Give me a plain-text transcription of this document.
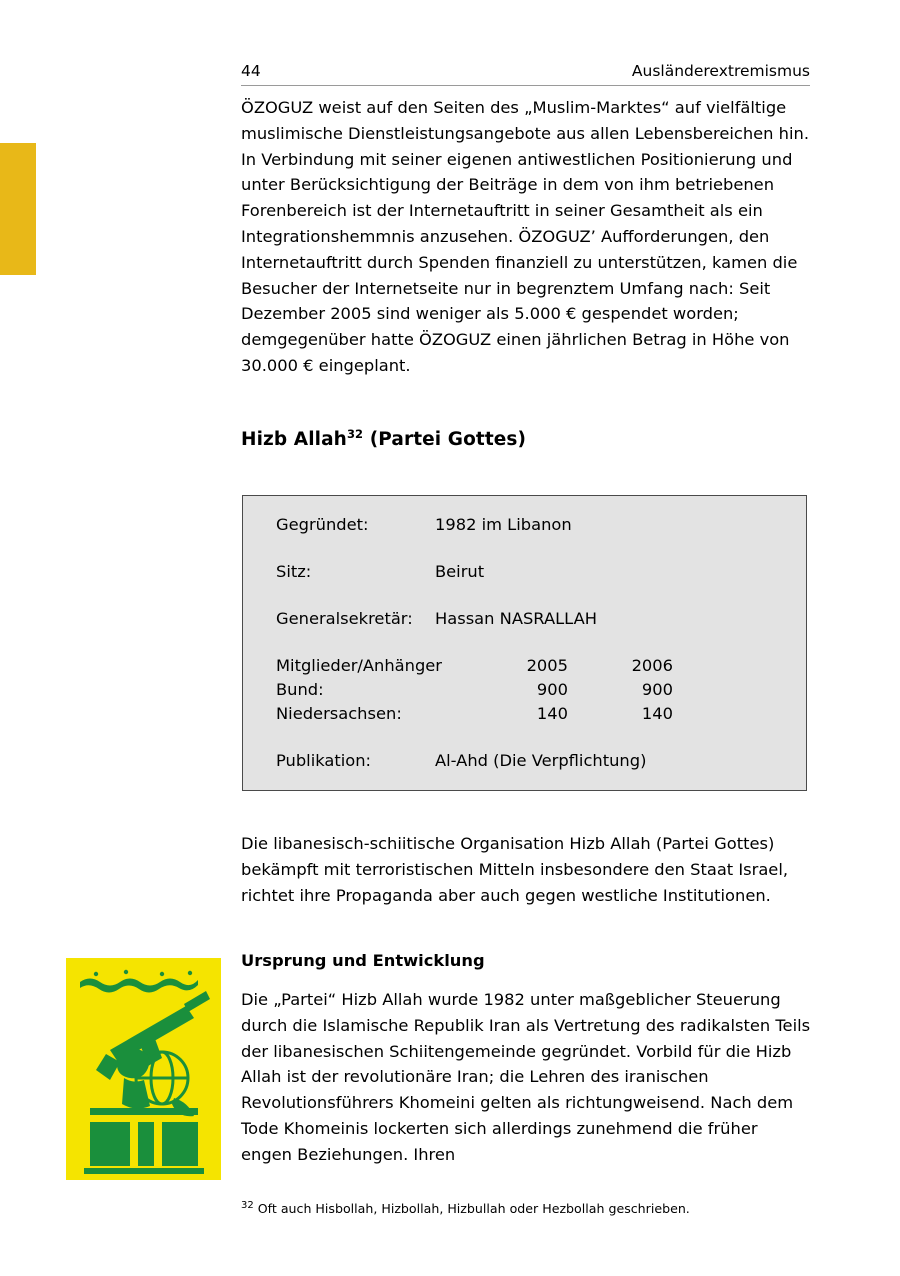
44	Ausländerextremismus

ÖZOGUZ weist auf den Seiten des „Muslim-Marktes“ auf vielfältige muslimische Dienstleistungsangebote aus allen Lebensbereichen hin. In Verbindung mit seiner eigenen antiwestlichen Positionierung und unter Berücksichtigung der Beiträge in dem von ihm betriebenen Forenbereich ist der Internetauftritt in seiner Gesamtheit als ein Integrationshemmnis anzusehen. ÖZOGUZ’ Aufforderungen, den Internetauftritt durch Spenden finanziell zu unterstützen, kamen die Besucher der Internetseite nur in begrenztem Umfang nach: Seit Dezember 2005 sind weniger als 5.000 € gespendet worden; demgegenüber hatte ÖZOGUZ einen jährlichen Betrag in Höhe von 30.000 € eingeplant.

Hizb Allah$^{32}$ (Partei Gottes)
Gegründet:	1982 im Libanon
Sitz:	Beirut
Generalsekretär: Hassan NASRALLAH
Mitglieder/Anhänger	2005	2006
Bund:	900	900
Niedersachsen:	140	140
Publikation:	Al-Ahd (Die Verpflichtung)

Die libanesisch-schiitische Organisation Hizb Allah (Partei Gottes) bekämpft mit terroristischen Mitteln insbesondere den Staat Israel, richtet ihre Propaganda aber auch gegen westliche Institutionen.

Ursprung und Entwicklung

Die „Partei“ Hizb Allah wurde 1982 unter maßgeblicher Steuerung durch die Islamische Republik Iran als Vertretung des radikalsten Teils der libanesischen Schiitengemeinde gegründet. Vorbild für die Hizb Allah ist der revolutionäre Iran; die Lehren des iranischen Revolutionsführers Khomeini gelten als richtungweisend. Nach dem Tode Khomeinis lockerten sich allerdings zunehmend die früher engen Beziehungen. Ihren

$^{32}$ Oft auch Hisbollah, Hizbollah, Hizbullah oder Hezbollah geschrieben.
